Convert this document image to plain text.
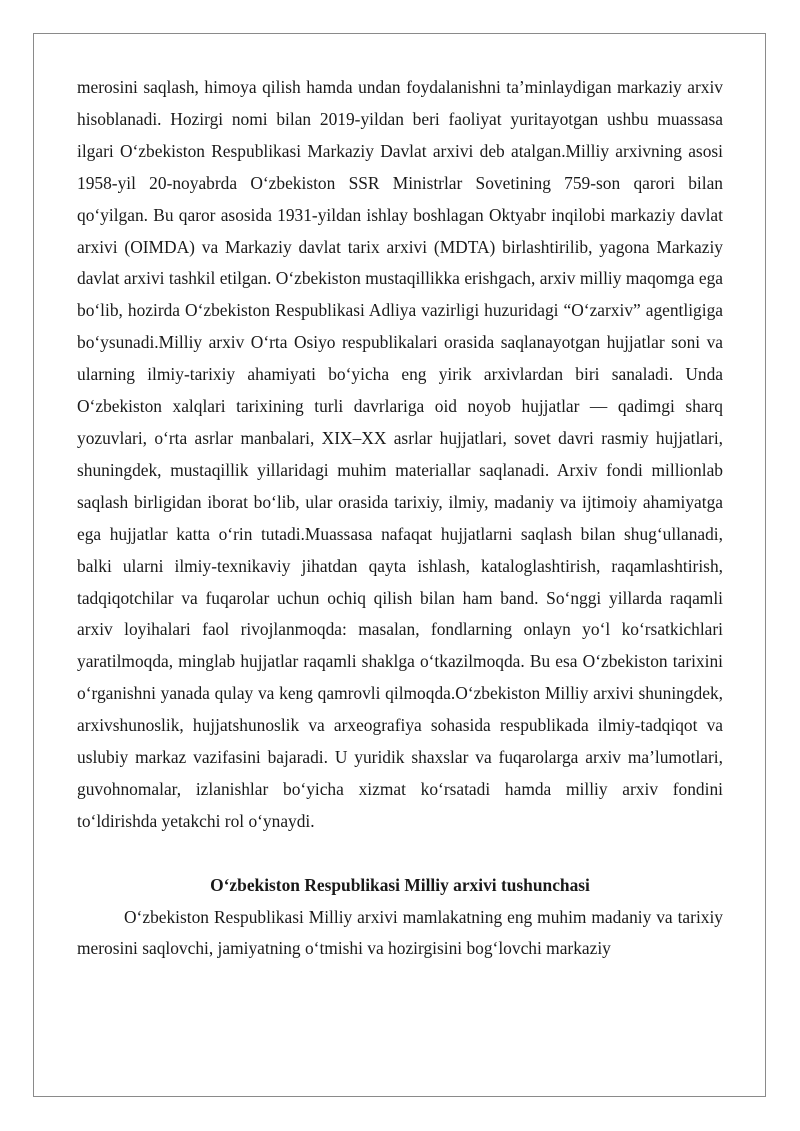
merosini saqlash, himoya qilish hamda undan foydalanishni ta’minlaydigan markaziy arxiv hisoblanadi. Hozirgi nomi bilan 2019-yildan beri faoliyat yuritayotgan ushbu muassasa ilgari O‘zbekiston Respublikasi Markaziy Davlat arxivi deb atalgan.Milliy arxivning asosi 1958-yil 20-noyabrda O‘zbekiston SSR Ministrlar Sovetining 759-son qarori bilan qo‘yilgan. Bu qaror asosida 1931-yildan ishlay boshlagan Oktyabr inqilobi markaziy davlat arxivi (OIMDA) va Markaziy davlat tarix arxivi (MDTA) birlashtirilib, yagona Markaziy davlat arxivi tashkil etilgan. O‘zbekiston mustaqillikka erishgach, arxiv milliy maqomga ega bo‘lib, hozirda O‘zbekiston Respublikasi Adliya vazirligi huzuridagi “O‘zarxiv” agentligiga bo‘ysunadi.Milliy arxiv O‘rta Osiyo respublikalari orasida saqlanayotgan hujjatlar soni va ularning ilmiy-tarixiy ahamiyati bo‘yicha eng yirik arxivlardan biri sanaladi. Unda O‘zbekiston xalqlari tarixining turli davrlariga oid noyob hujjatlar — qadimgi sharq yozuvlari, o‘rta asrlar manbalari, XIX–XX asrlar hujjatlari, sovet davri rasmiy hujjatlari, shuningdek, mustaqillik yillaridagi muhim materiallar saqlanadi. Arxiv fondi millionlab saqlash birligidan iborat bo‘lib, ular orasida tarixiy, ilmiy, madaniy va ijtimoiy ahamiyatga ega hujjatlar katta o‘rin tutadi.Muassasa nafaqat hujjatlarni saqlash bilan shug‘ullanadi, balki ularni ilmiy-texnikaviy jihatdan qayta ishlash, kataloglashtirish, raqamlashtirish, tadqiqotchilar va fuqarolar uchun ochiq qilish bilan ham band. So‘nggi yillarda raqamli arxiv loyihalari faol rivojlanmoqda: masalan, fondlarning onlayn yo‘l ko‘rsatkichlari yaratilmoqda, minglab hujjatlar raqamli shaklga o‘tkazilmoqda. Bu esa O‘zbekiston tarixini o‘rganishni yanada qulay va keng qamrovli qilmoqda.O‘zbekiston Milliy arxivi shuningdek, arxivshunoslik, hujjatshunoslik va arxeografiya sohasida respublikada ilmiy-tadqiqot va uslubiy markaz vazifasini bajaradi. U yuridik shaxslar va fuqarolarga arxiv ma’lumotlari, guvohnomalar, izlanishlar bo‘yicha xizmat ko‘rsatadi hamda milliy arxiv fondini to‘ldirishda yetakchi rol o‘ynaydi.

O‘zbekiston Respublikasi Milliy arxivi tushunchasi

O‘zbekiston Respublikasi Milliy arxivi mamlakatning eng muhim madaniy va tarixiy merosini saqlovchi, jamiyatning o‘tmishi va hozirgisini bog‘lovchi markaziy
